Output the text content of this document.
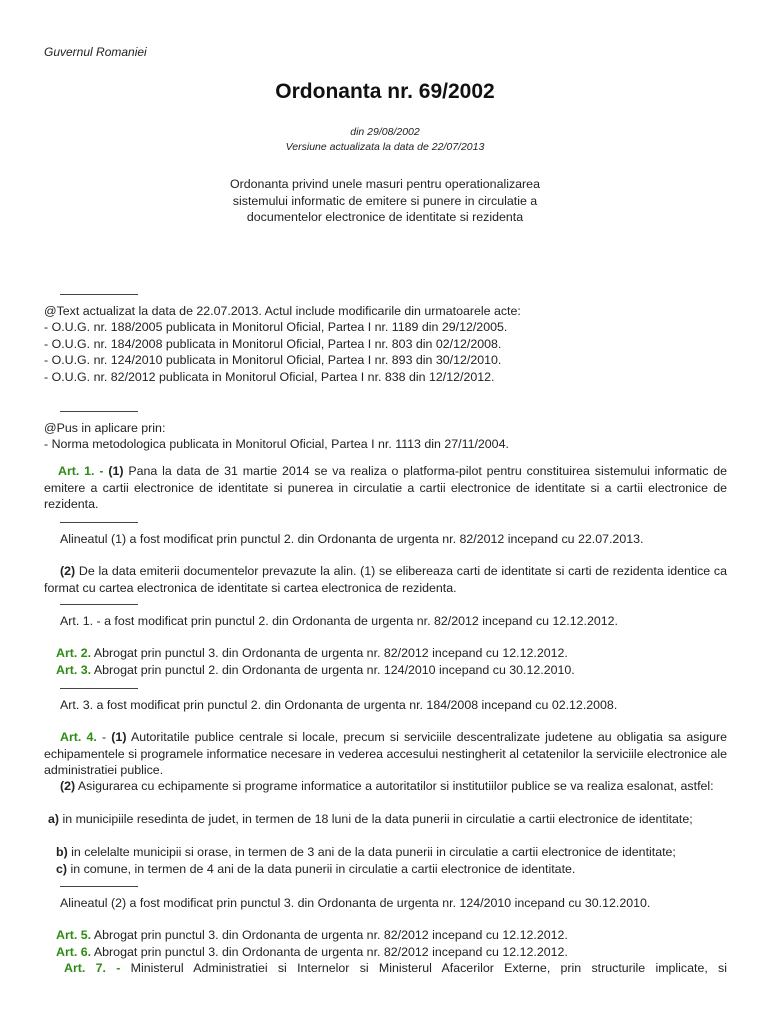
Guvernul Romaniei
Ordonanta nr. 69/2002
din 29/08/2002
Versiune actualizata la data de 22/07/2013
Ordonanta privind unele masuri pentru operationalizarea
sistemului informatic de emitere si punere in circulatie a
documentelor electronice de identitate si rezidenta
@Text actualizat la data de 22.07.2013. Actul include modificarile din urmatoarele acte:
- O.U.G. nr. 188/2005 publicata in Monitorul Oficial, Partea I nr. 1189 din 29/12/2005.
- O.U.G. nr. 184/2008 publicata in Monitorul Oficial, Partea I nr. 803 din 02/12/2008.
- O.U.G. nr. 124/2010 publicata in Monitorul Oficial, Partea I nr. 893 din 30/12/2010.
- O.U.G. nr. 82/2012 publicata in Monitorul Oficial, Partea I nr. 838 din 12/12/2012.
@Pus in aplicare prin:
- Norma metodologica publicata in Monitorul Oficial, Partea I nr. 1113 din 27/11/2004.
Art. 1. - (1) Pana la data de 31 martie 2014 se va realiza o platforma-pilot pentru constituirea sistemului informatic de emitere a cartii electronice de identitate si punerea in circulatie a cartii electronice de identitate si a cartii electronice de rezidenta.
Alineatul (1) a fost modificat prin punctul 2. din Ordonanta de urgenta nr. 82/2012 incepand cu 22.07.2013.
(2) De la data emiterii documentelor prevazute la alin. (1) se elibereaza carti de identitate si carti de rezidenta identice ca format cu cartea electronica de identitate si cartea electronica de rezidenta.
Art. 1. - a fost modificat prin punctul 2. din Ordonanta de urgenta nr. 82/2012 incepand cu 12.12.2012.
Art. 2. Abrogat prin punctul 3. din Ordonanta de urgenta nr. 82/2012 incepand cu 12.12.2012.
Art. 3. Abrogat prin punctul 2. din Ordonanta de urgenta nr. 124/2010 incepand cu 30.12.2010.
Art. 3. a fost modificat prin punctul 2. din Ordonanta de urgenta nr. 184/2008 incepand cu 02.12.2008.
Art. 4. - (1) Autoritatile publice centrale si locale, precum si serviciile descentralizate judetene au obligatia sa asigure echipamentele si programele informatice necesare in vederea accesului nestingherit al cetatenilor la serviciile electronice ale administratiei publice.
(2) Asigurarea cu echipamente si programe informatice a autoritatilor si institutiilor publice se va realiza esalonat, astfel:
a) in municipiile resedinta de judet, in termen de 18 luni de la data punerii in circulatie a cartii electronice de identitate;
b) in celelalte municipii si orase, in termen de 3 ani de la data punerii in circulatie a cartii electronice de identitate;
c) in comune, in termen de 4 ani de la data punerii in circulatie a cartii electronice de identitate.
Alineatul (2) a fost modificat prin punctul 3. din Ordonanta de urgenta nr. 124/2010 incepand cu 30.12.2010.
Art. 5. Abrogat prin punctul 3. din Ordonanta de urgenta nr. 82/2012 incepand cu 12.12.2012.
Art. 6. Abrogat prin punctul 3. din Ordonanta de urgenta nr. 82/2012 incepand cu 12.12.2012.
Art. 7. - Ministerul Administratiei si Internelor si Ministerul Afacerilor Externe, prin structurile implicate, si
